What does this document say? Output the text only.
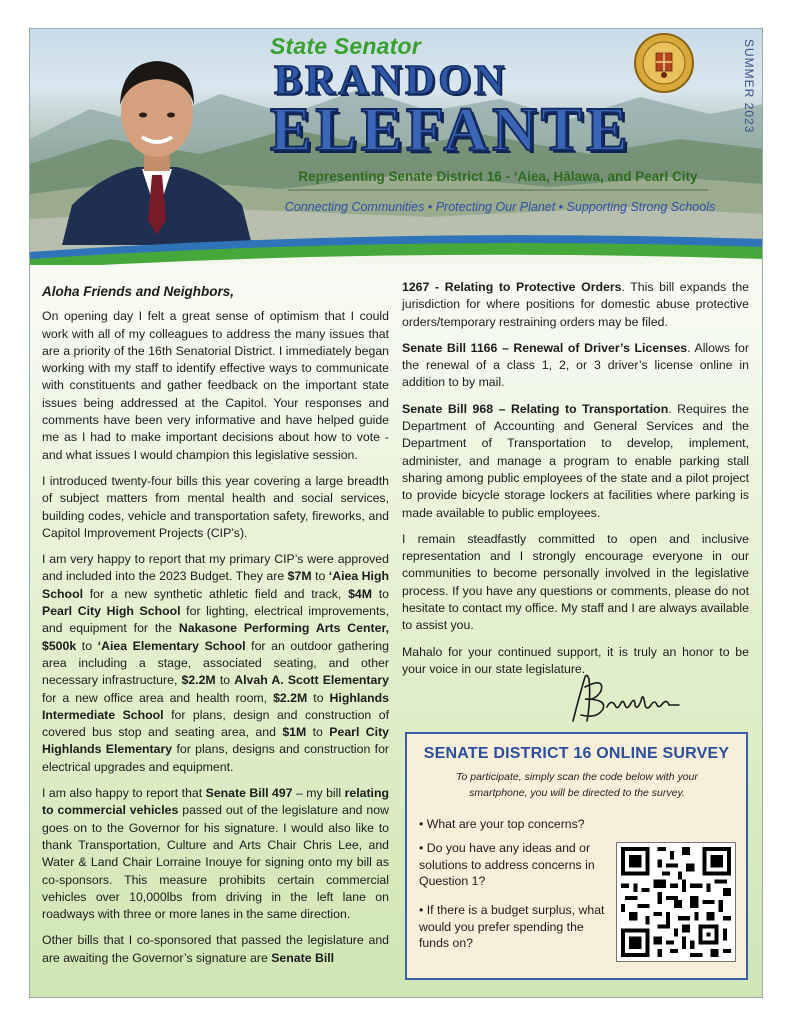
State Senator
BRANDON
ELEFANTE
Representing Senate District 16 - ‘Aiea, Hālawa, and Pearl City
Connecting Communities • Protecting Our Planet • Supporting Strong Schools
SUMMER 2023

Aloha Friends and Neighbors,

On opening day I felt a great sense of optimism that I could work with all of my colleagues to address the many issues that are a priority of the 16th Senatorial District. I immediately began working with my staff to identify effective ways to communicate with constituents and gather feedback on the important state issues being addressed at the Capitol. Your responses and comments have been very informative and have helped guide me as I had to make important decisions about how to vote - and what issues I would champion this legislative session.

I introduced twenty-four bills this year covering a large breadth of subject matters from mental health and social services, building codes, vehicle and transportation safety, fireworks, and Capitol Improvement Projects (CIP’s).

I am very happy to report that my primary CIP’s were approved and included into the 2023 Budget. They are $7M to ‘Aiea High School for a new synthetic athletic field and track, $4M to Pearl City High School for lighting, electrical improvements, and equipment for the Nakasone Performing Arts Center, $500k to ‘Aiea Elementary School for an outdoor gathering area including a stage, associated seating, and other necessary infrastructure, $2.2M to Alvah A. Scott Elementary for a new office area and health room, $2.2M to Highlands Intermediate School for plans, design and construction of covered bus stop and seating area, and $1M to Pearl City Highlands Elementary for plans, designs and construction for electrical upgrades and equipment.

I am also happy to report that Senate Bill 497 – my bill relating to commercial vehicles passed out of the legislature and now goes on to the Governor for his signature. I would also like to thank Transportation, Culture and Arts Chair Chris Lee, and Water & Land Chair Lorraine Inouye for signing onto my bill as co-sponsors. This measure prohibits certain commercial vehicles over 10,000lbs from driving in the left lane on roadways with three or more lanes in the same direction.

Other bills that I co-sponsored that passed the legislature and are awaiting the Governor’s signature are Senate Bill

1267 - Relating to Protective Orders. This bill expands the jurisdiction for where positions for domestic abuse protective orders/temporary restraining orders may be filed.

Senate Bill 1166 – Renewal of Driver’s Licenses. Allows for the renewal of a class 1, 2, or 3 driver’s license online in addition to by mail.

Senate Bill 968 – Relating to Transportation. Requires the Department of Accounting and General Services and the Department of Transportation to develop, implement, administer, and manage a program to enable parking stall sharing among public employees of the state and a pilot project to provide bicycle storage lockers at facilities where parking is made available to public employees.

I remain steadfastly committed to open and inclusive representation and I strongly encourage everyone in our communities to become personally involved in the legislative process. If you have any questions or comments, please do not hesitate to contact my office. My staff and I are always available to assist you.

Mahalo for your continued support, it is truly an honor to be your voice in our state legislature.

SENATE DISTRICT 16 ONLINE SURVEY
To participate, simply scan the code below with your smartphone, you will be directed to the survey.
• What are your top concerns?
• Do you have any ideas and or solutions to address concerns in Question 1?
• If there is a budget surplus, what would you prefer spending the funds on?
